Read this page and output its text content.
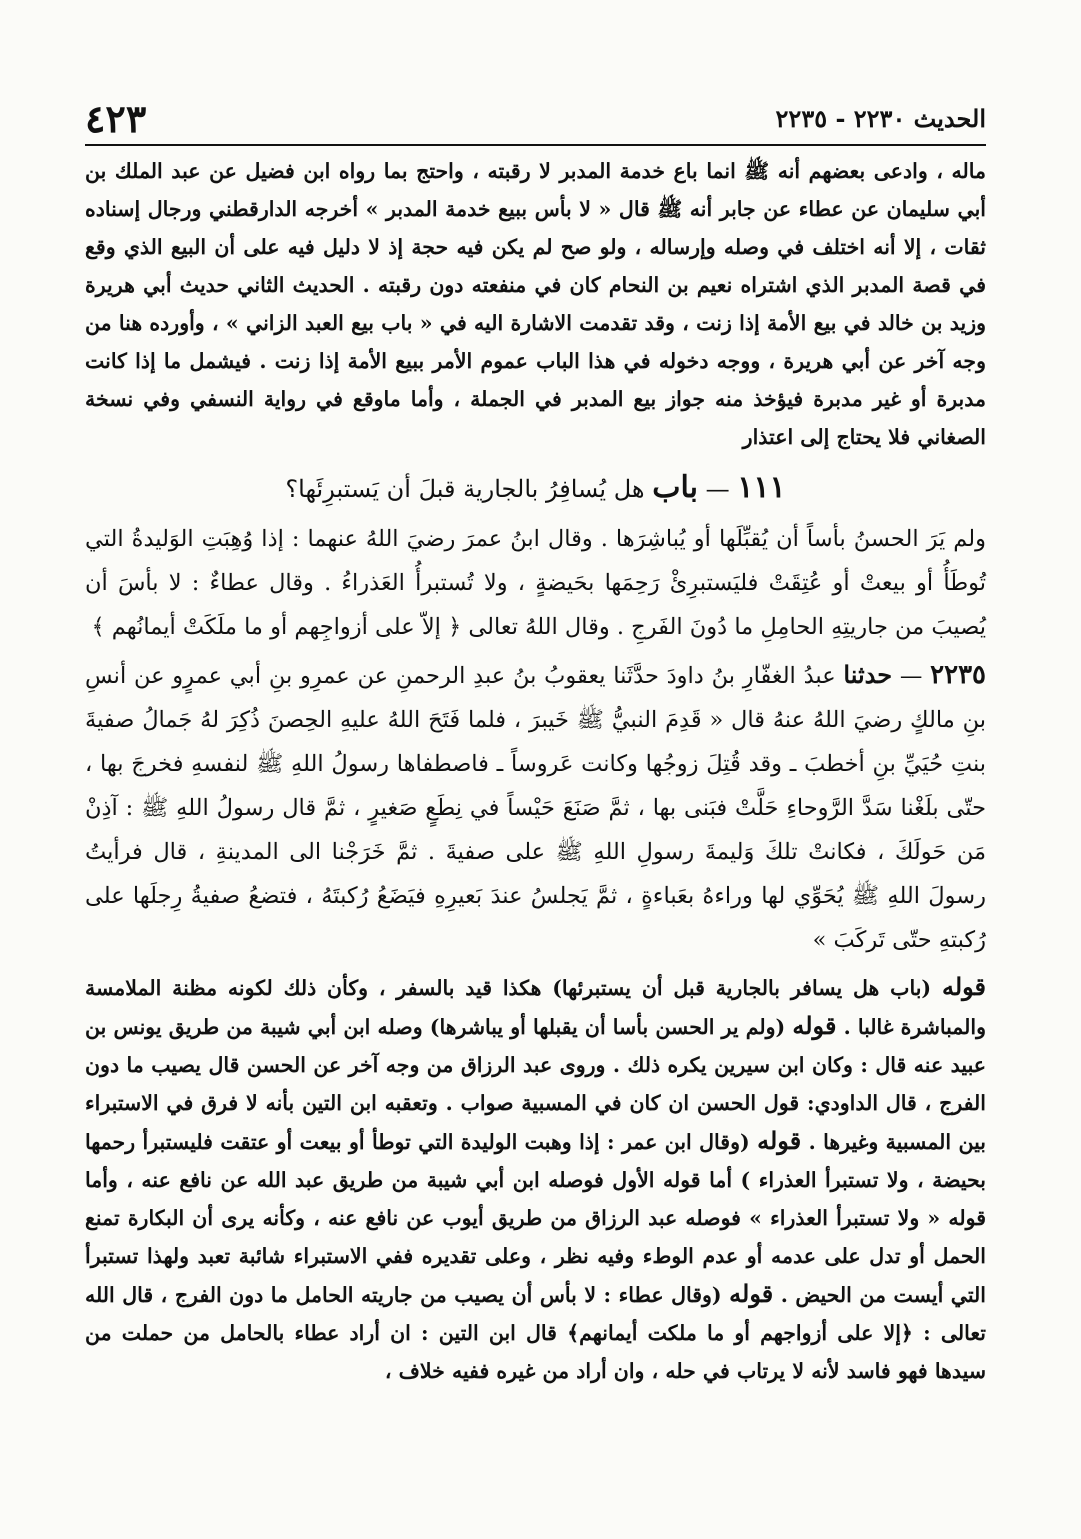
٤٢٣	الحديث ٢٢٣٠ - ٢٢٣٥

ماله ، وادعى بعضهم أنه ﷺ انما باع خدمة المدبر لا رقبته ، واحتج بما رواه ابن فضيل عن عبد الملك بن أبي سليمان عن عطاء عن جابر أنه ﷺ قال « لا بأس ببيع خدمة المدبر » أخرجه الدارقطني ورجال إسناده ثقات ، إلا أنه اختلف في وصله وإرساله ، ولو صح لم يكن فيه حجة إذ لا دليل فيه على أن البيع الذي وقع في قصة المدبر الذي اشتراه نعيم بن النحام كان في منفعته دون رقبته . الحديث الثاني حديث أبي هريرة وزيد بن خالد في بيع الأمة إذا زنت ، وقد تقدمت الاشارة اليه في « باب بيع العبد الزاني » ، وأورده هنا من وجه آخر عن أبي هريرة ، ووجه دخوله في هذا الباب عموم الأمر ببيع الأمة إذا زنت . فيشمل ما إذا كانت مدبرة أو غير مدبرة فيؤخذ منه جواز بيع المدبر في الجملة ، وأما ماوقع في رواية النسفي وفي نسخة الصغاني فلا يحتاج إلى اعتذار

١١١ — باب هل يُسافِرُ بالجارية قبلَ أن يَستبرِئَها؟

ولم يَرَ الحسنُ بأساً أن يُقبِّلَها أو يُباشِرَها . وقال ابنُ عمرَ رضيَ اللهُ عنهما : إذا وُهِبَتِ الوَليدةُ التي تُوطَأُ أو بيعتْ أو عُتِقَتْ فليَستبرِئْ رَحِمَها بحَيضةٍ ، ولا تُستبرأُ العَذراءُ . وقال عطاءٌ : لا بأسَ أن يُصيبَ من جاريتِهِ الحامِلِ ما دُونَ الفَرجِ . وقال اللهُ تعالى ﴿ إلاّ على أزواجِهم أو ما ملَكَتْ أيمانُهم ﴾

٢٢٣٥ — حدثنا عبدُ الغفّارِ بنُ داودَ حدَّثَنا يعقوبُ بنُ عبدِ الرحمنِ عن عمرِو بنِ أبي عمرٍو عن أنسِ بنِ مالكٍ رضيَ اللهُ عنهُ قال « قَدِمَ النبيُّ ﷺ خَيبرَ ، فلما فَتَحَ اللهُ عليهِ الحِصنَ ذُكِرَ لهُ جَمالُ صفيةَ بنتِ حُيَيِّ بنِ أخطبَ ـ وقد قُتِلَ زوجُها وكانت عَروساً ـ فاصطفاها رسولُ اللهِ ﷺ لنفسهِ فخرجَ بها ، حتّى بلَغْنا سَدَّ الرَّوحاءِ حَلَّتْ فبَنى بها ، ثمَّ صَنَعَ حَيْساً في نِطَعٍ صَغيرٍ ، ثمَّ قال رسولُ اللهِ ﷺ : آذِنْ مَن حَولَكَ ، فكانتْ تلكَ وَليمةَ رسولِ اللهِ ﷺ على صفيةَ . ثمَّ خَرَجْنا الى المدينةِ ، قال فرأيتُ رسولَ اللهِ ﷺ يُحَوِّي لها وراءهُ بعَباءةٍ ، ثمَّ يَجلسُ عندَ بَعيرِهِ فيَضَعُ رُكبتَهُ ، فتضعُ صفيةُ رِجلَها على رُكبتهِ حتّى تَركَبَ »

قوله (باب هل يسافر بالجارية قبل أن يستبرئها) هكذا قيد بالسفر ، وكأن ذلك لكونه مظنة الملامسة والمباشرة غالبا . قوله (ولم ير الحسن بأسا أن يقبلها أو يباشرها) وصله ابن أبي شيبة من طريق يونس بن عبيد عنه قال : وكان ابن سيرين يكره ذلك . وروى عبد الرزاق من وجه آخر عن الحسن قال يصيب ما دون الفرج ، قال الداودي: قول الحسن ان كان في المسبية صواب . وتعقبه ابن التين بأنه لا فرق في الاستبراء بين المسبية وغيرها . قوله (وقال ابن عمر : إذا وهبت الوليدة التي توطأ أو بيعت أو عتقت فليستبرأ رحمها بحيضة ، ولا تستبرأ العذراء ) أما قوله الأول فوصله ابن أبي شيبة من طريق عبد الله عن نافع عنه ، وأما قوله « ولا تستبرأ العذراء » فوصله عبد الرزاق من طريق أيوب عن نافع عنه ، وكأنه يرى أن البكارة تمنع الحمل أو تدل على عدمه أو عدم الوطء وفيه نظر ، وعلى تقديره ففي الاستبراء شائبة تعبد ولهذا تستبرأ التي أيست من الحيض . قوله (وقال عطاء : لا بأس أن يصيب من جاريته الحامل ما دون الفرج ، قال الله تعالى : ﴿إلا على أزواجهم أو ما ملكت أيمانهم﴾ قال ابن التين : ان أراد عطاء بالحامل من حملت من سيدها فهو فاسد لأنه لا يرتاب في حله ، وان أراد من غيره ففيه خلاف ،
